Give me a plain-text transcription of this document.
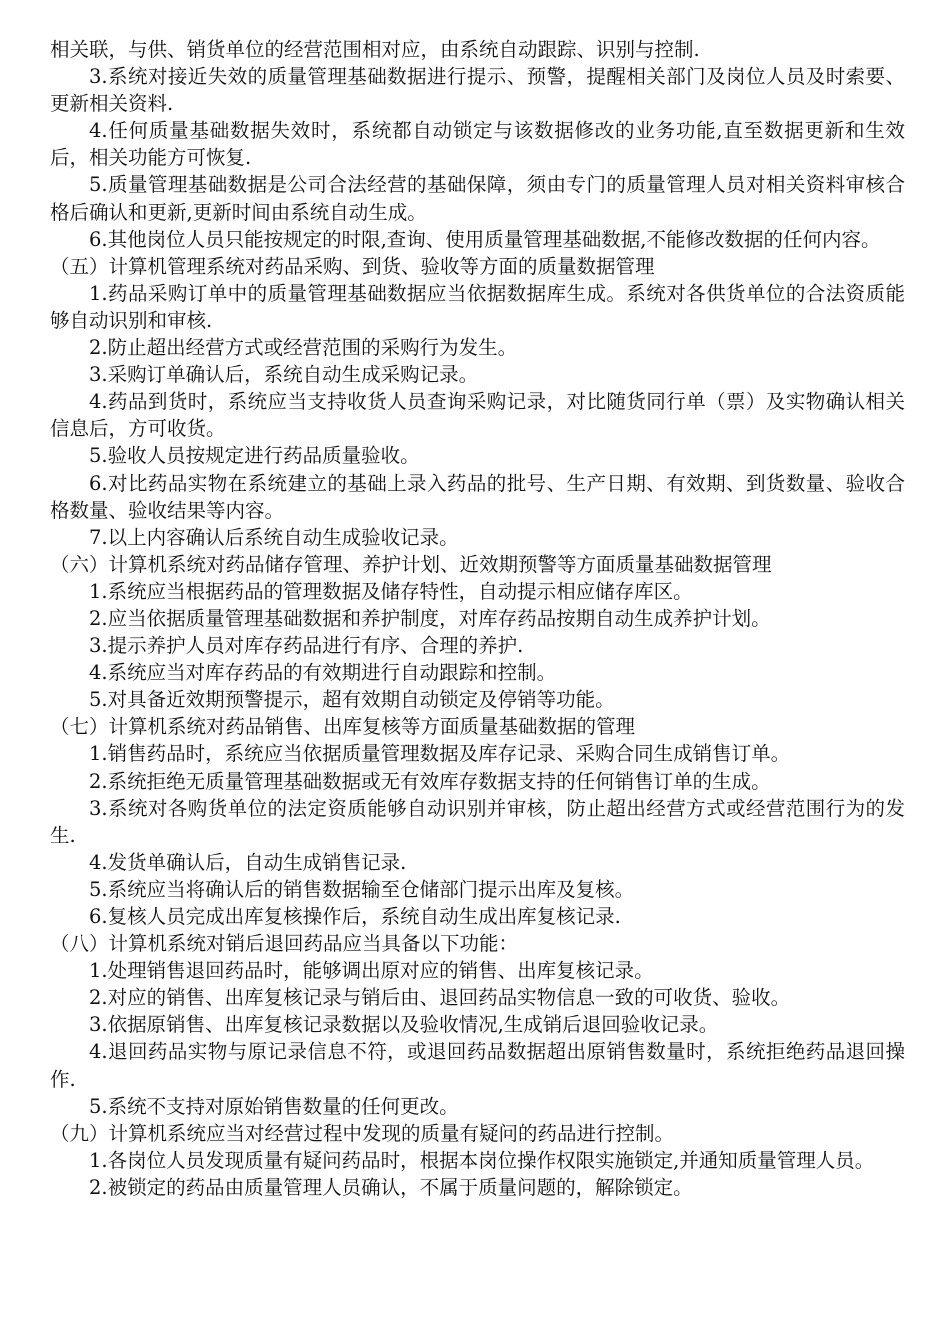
相关联，与供、销货单位的经营范围相对应，由系统自动跟踪、识别与控制.

3.系统对接近失效的质量管理基础数据进行提示、预警，提醒相关部门及岗位人员及时索要、更新相关资料.

4.任何质量基础数据失效时，系统都自动锁定与该数据修改的业务功能,直至数据更新和生效后，相关功能方可恢复.

5.质量管理基础数据是公司合法经营的基础保障，须由专门的质量管理人员对相关资料审核合格后确认和更新,更新时间由系统自动生成。

6.其他岗位人员只能按规定的时限,查询、使用质量管理基础数据,不能修改数据的任何内容。

（五）计算机管理系统对药品采购、到货、验收等方面的质量数据管理

1.药品采购订单中的质量管理基础数据应当依据数据库生成。系统对各供货单位的合法资质能够自动识别和审核.

2.防止超出经营方式或经营范围的采购行为发生。

3.采购订单确认后，系统自动生成采购记录。

4.药品到货时，系统应当支持收货人员查询采购记录，对比随货同行单（票）及实物确认相关信息后，方可收货。

5.验收人员按规定进行药品质量验收。

6.对比药品实物在系统建立的基础上录入药品的批号、生产日期、有效期、到货数量、验收合格数量、验收结果等内容。

7.以上内容确认后系统自动生成验收记录。

（六）计算机系统对药品储存管理、养护计划、近效期预警等方面质量基础数据管理

1.系统应当根据药品的管理数据及储存特性，自动提示相应储存库区。

2.应当依据质量管理基础数据和养护制度，对库存药品按期自动生成养护计划。

3.提示养护人员对库存药品进行有序、合理的养护.

4.系统应当对库存药品的有效期进行自动跟踪和控制。

5.对具备近效期预警提示，超有效期自动锁定及停销等功能。

（七）计算机系统对药品销售、出库复核等方面质量基础数据的管理

1.销售药品时，系统应当依据质量管理数据及库存记录、采购合同生成销售订单。

2.系统拒绝无质量管理基础数据或无有效库存数据支持的任何销售订单的生成。

3.系统对各购货单位的法定资质能够自动识别并审核，防止超出经营方式或经营范围行为的发生.

4.发货单确认后，自动生成销售记录.

5.系统应当将确认后的销售数据输至仓储部门提示出库及复核。

6.复核人员完成出库复核操作后，系统自动生成出库复核记录.

（八）计算机系统对销后退回药品应当具备以下功能：

1.处理销售退回药品时，能够调出原对应的销售、出库复核记录。

2.对应的销售、出库复核记录与销后由、退回药品实物信息一致的可收货、验收。

3.依据原销售、出库复核记录数据以及验收情况,生成销后退回验收记录。

4.退回药品实物与原记录信息不符，或退回药品数据超出原销售数量时，系统拒绝药品退回操作.

5.系统不支持对原始销售数量的任何更改。

（九）计算机系统应当对经营过程中发现的质量有疑问的药品进行控制。

1.各岗位人员发现质量有疑问药品时，根据本岗位操作权限实施锁定,并通知质量管理人员。

2.被锁定的药品由质量管理人员确认，不属于质量问题的，解除锁定。
